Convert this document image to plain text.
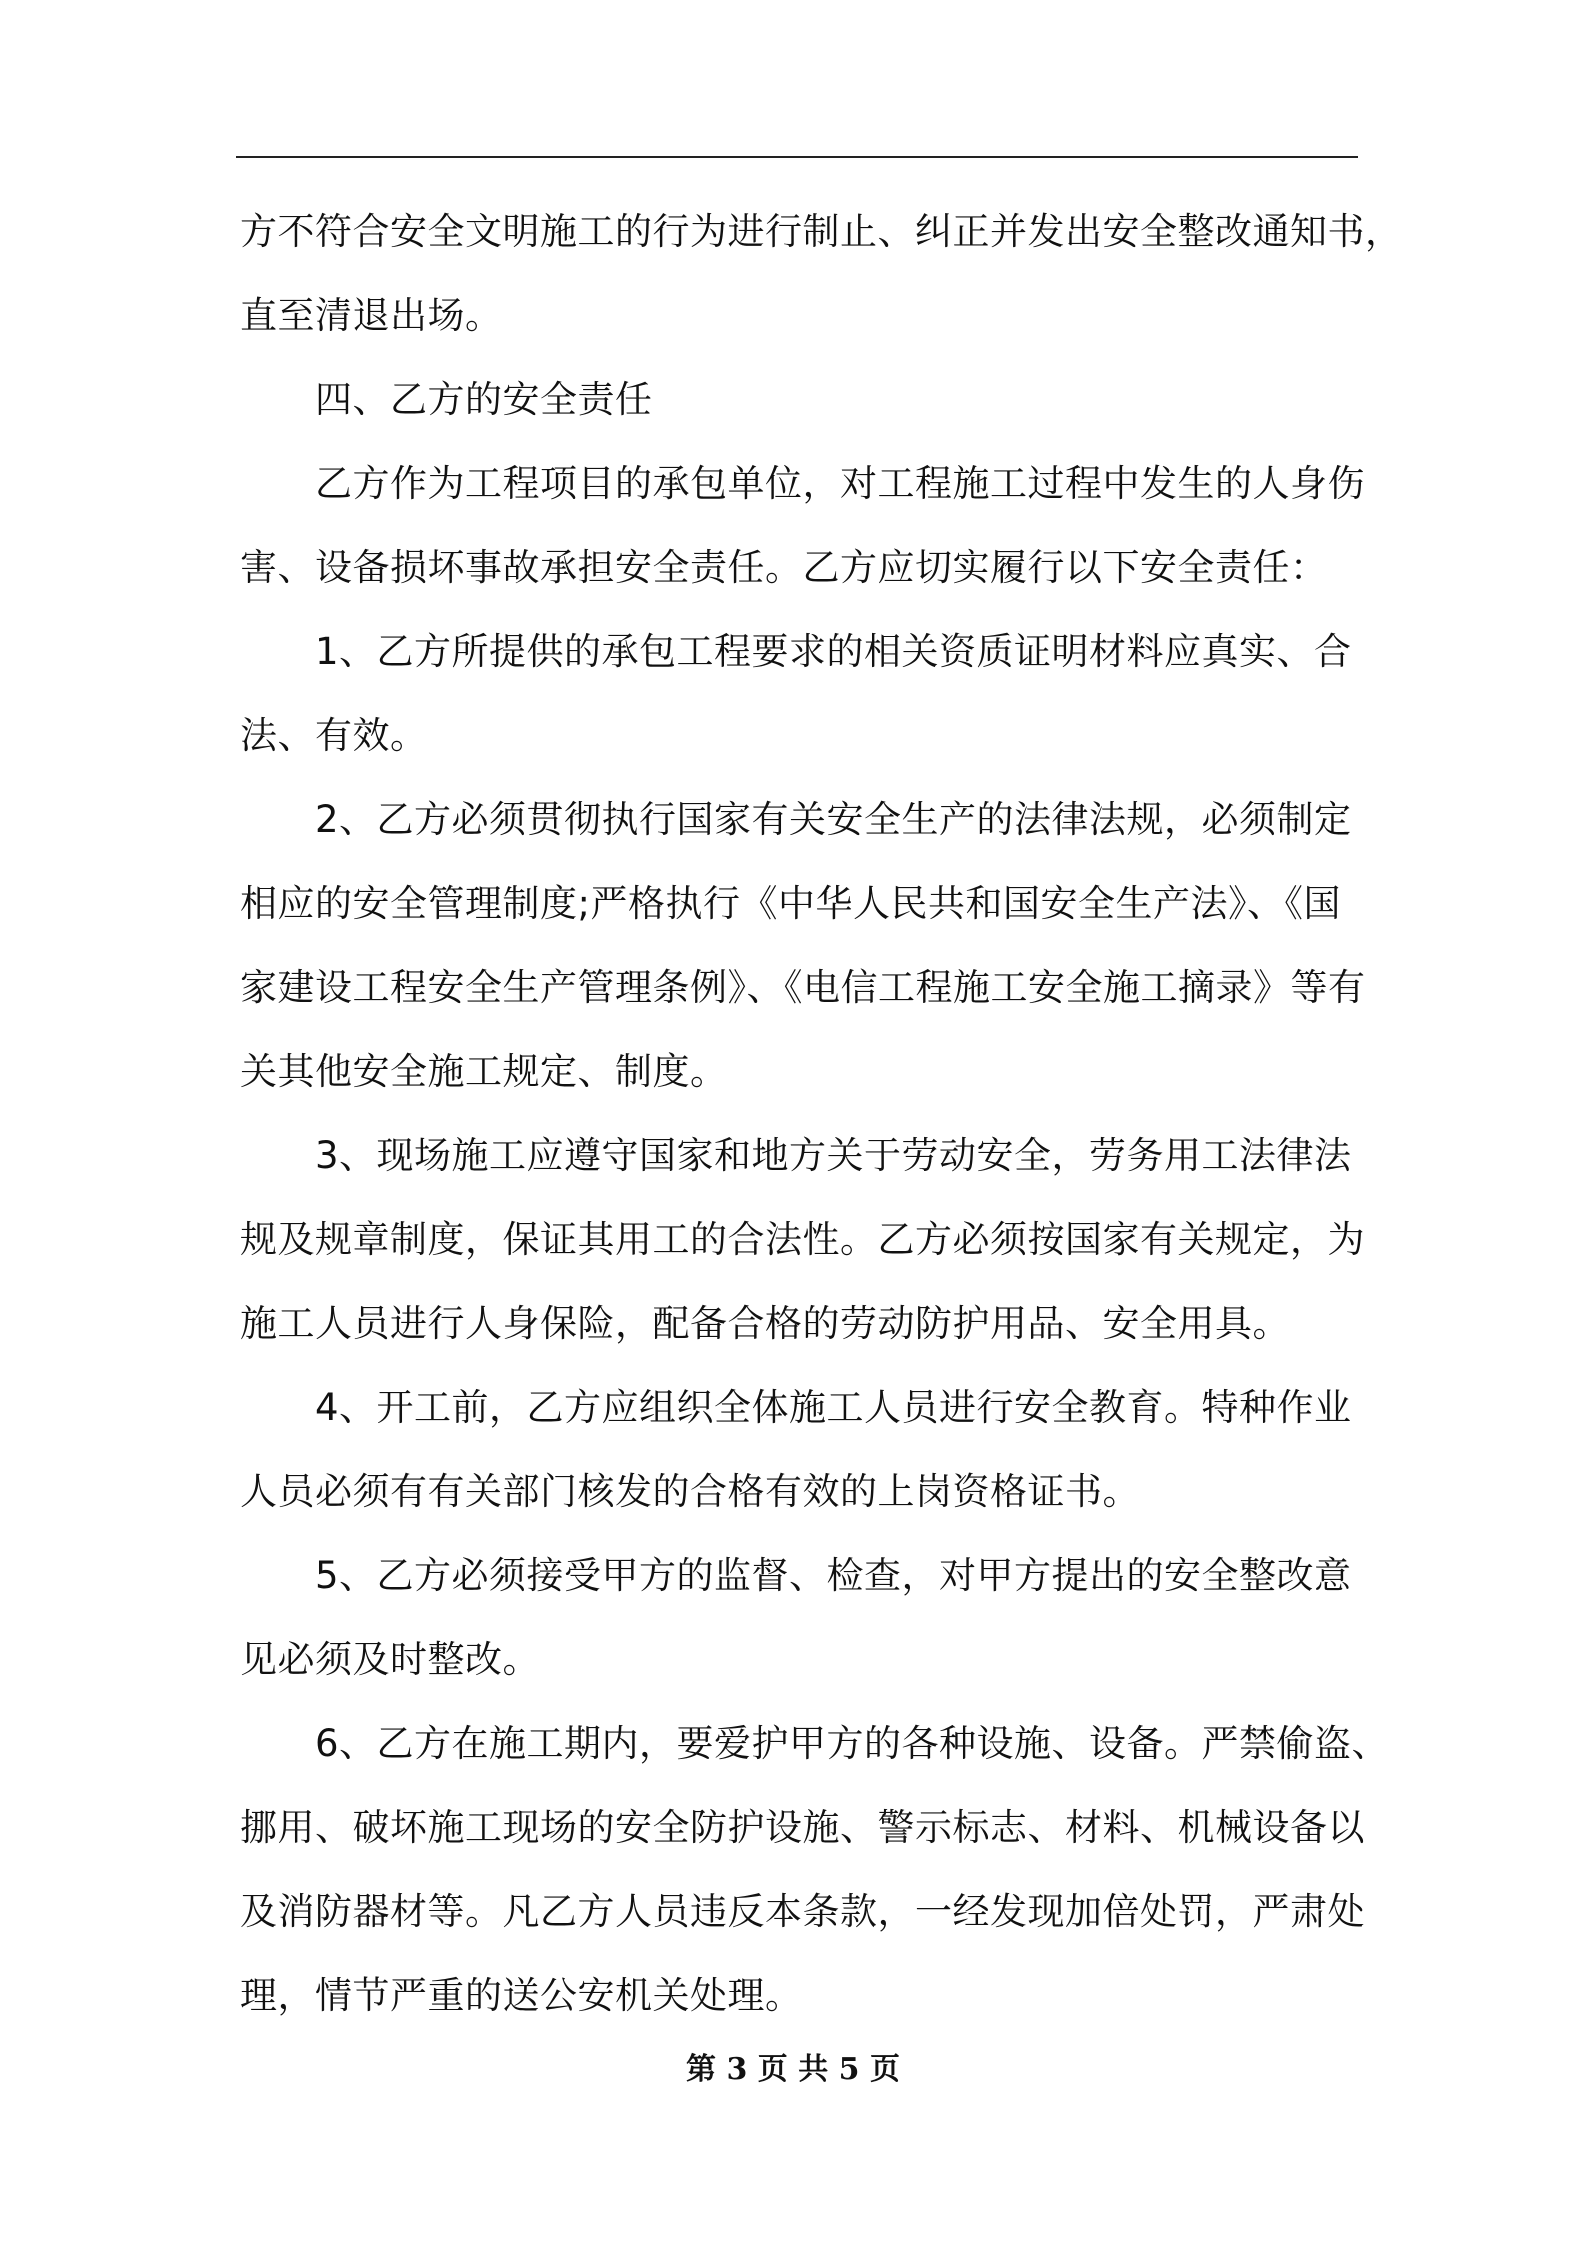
方不符合安全文明施工的行为进行制止、纠正并发出安全整改通知书，
直至清退出场。
四、乙方的安全责任
乙方作为工程项目的承包单位，对工程施工过程中发生的人身伤
害、设备损坏事故承担安全责任。乙方应切实履行以下安全责任：
1、乙方所提供的承包工程要求的相关资质证明材料应真实、合
法、有效。
2、乙方必须贯彻执行国家有关安全生产的法律法规，必须制定
相应的安全管理制度;严格执行《中华人民共和国安全生产法》、《国
家建设工程安全生产管理条例》、《电信工程施工安全施工摘录》等有
关其他安全施工规定、制度。
3、现场施工应遵守国家和地方关于劳动安全，劳务用工法律法
规及规章制度，保证其用工的合法性。乙方必须按国家有关规定，为
施工人员进行人身保险，配备合格的劳动防护用品、安全用具。
4、开工前，乙方应组织全体施工人员进行安全教育。特种作业
人员必须有有关部门核发的合格有效的上岗资格证书。
5、乙方必须接受甲方的监督、检查，对甲方提出的安全整改意
见必须及时整改。
6、乙方在施工期内，要爱护甲方的各种设施、设备。严禁偷盗、
挪用、破坏施工现场的安全防护设施、警示标志、材料、机械设备以
及消防器材等。凡乙方人员违反本条款，一经发现加倍处罚，严肃处
理，情节严重的送公安机关处理。
第 3 页 共 5 页
